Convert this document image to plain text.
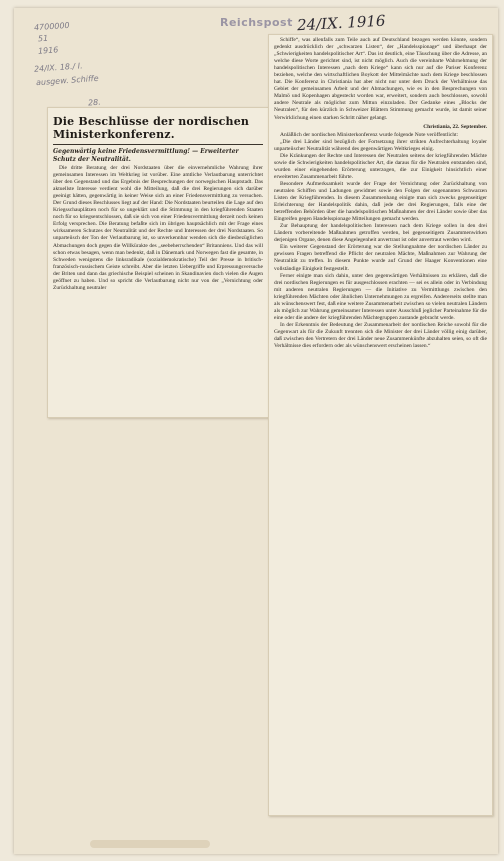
4700000
51
1916
24/IX. 18./ I.
ausgew. Schiffe
28.
Reichspost 24/IX. 1916
Die Beschlüsse der nordischen Ministerkonferenz.
Gegenwärtig keine Friedensvermittlung! — Erweiterter Schutz der Neutralität.

Die dritte Beratung der drei Nordstaaten über die einvernehmliche Wahrung ihrer gemeinsamen Interessen im Weltkrieg ist vorüber. Eine amtliche Verlautbarung unterrichtet über den Gegenstand und das Ergebnis der Besprechungen der norwegischen Hauptstadt. Das aktuellste Interesse verdient wohl die Mitteilung, daß die drei Regierungen sich darüber geeinigt hätten, gegenwärtig in keiner Weise sich an einer Friedensvermittlung zu versuchen. Der Grund dieses Beschlusses liegt auf der Hand: Die Nordstaaten beurteilen die Lage auf den Kriegsschauplätzen noch für so ungeklärt und die Stimmung in den kriegführenden Staaten noch für so kriegsentschlossen, daß sie sich von einer Friedensvermittlung derzeit noch keinen Erfolg versprechen. Die Beratung befaßte sich im übrigen hauptsächlich mit der Frage eines wirksameren Schutzes der Neutralität und der Rechte und Interessen der drei Nordstaaten. So unparteiisch der Ton der Verlautbarung ist, so unverkennbar wenden sich die diesbezüglichen Abmachungen doch gegen die Willkürakte des „seebeherrschenden“ Britanniens. Und das will schon etwas besagen, wenn man bedenkt, daß in Dänemark und Norwegen fast die gesamte, in Schweden wenigstens die linksradikale (sozialdemokratische) Teil der Presse in britisch-französisch-russischem Geiste schreibt. Aber die letzten Uebergriffe und Erpressungsversuche der Briten und dann das griechische Beispiel scheinen in Skandinavien doch vielen die Augen geöffnet zu haben. Und so spricht die Verlautbarung nicht nur von der „Vernichtung oder Zurückhaltung neutraler

Schiffe“, was allenfalls zum Teile auch auf Deutschland bezogen werden könnte, sondern gedenkt ausdrücklich der „schwarzen Listen“, der „Handelsspionage“ und überhaupt der „Schwierigkeiten handelspolitischer Art“. Das ist deutlich, eine Täuschung über die Adresse, an welche diese Worte gerichtet sind, ist nicht möglich. Auch die vereinbarte Wahrnehmung der handelspolitischen Interessen „nach dem Kriege“ kann sich nur auf die Pariser Konferenz beziehen, welche den wirtschaftlichen Boykott der Mittelmächte nach dem Kriege beschlossen hat. Die Konferenz in Christiania hat aber nicht nur unter dem Druck der Verhältnisse das Gebiet der gemeinsamen Arbeit und der Abmachungen, wie es in den Besprechungen von Malmö und Kopenhagen abgesteckt worden war, erweitert, sondern auch beschlossen, sowohl andere Neutrale als möglichst zum Mittun einzuladen. Der Gedanke eines „Blocks der Neutralen“, für den kürzlich in Schweizer Blättern Stimmung gemacht wurde, ist damit seiner Verwirklichung einen starken Schritt näher gelangt.

Christiania, 22. September.

Anläßlich der nordischen Ministerkonferenz wurde folgende Note veröffentlicht:

„Die drei Länder sind bezüglich der Fortsetzung ihrer strikten Aufrechterhaltung loyaler unparteiischer Neutralität während des gegenwärtigen Weltkrieges einig.

Die Kränkungen der Rechte und Interessen der Neutralen seitens der kriegführenden Mächte sowie die Schwierigkeiten handelspolitischer Art, die daraus für die Neutralen entstanden sind, wurden einer eingehenden Erörterung unterzogen, die zur Einigkeit hinsichtlich einer erweiterten Zusammenarbeit führte.

Besondere Aufmerksamkeit wurde der Frage der Vernichtung oder Zurückhaltung von neutralen Schiffen und Ladungen gewidmet sowie den Folgen der sogenannten Schwarzen Listen der Kriegführenden. In diesem Zusammenhang einigte man sich zwecks gegenseitiger Erleichterung der Handelspolitik dahin, daß jede der drei Regierungen, falls eine der betreffenden Behörden über die handelspolitischen Maßnahmen der drei Länder sowie über das Eingreifen gegen Handelsspionage Mitteilungen gemacht werden.

Zur Behauptung der handelspolitischen Interessen nach dem Kriege sollen in den drei Ländern vorbereitende Maßnahmen getroffen werden, bei gegenseitigem Zusammenwirken derjenigen Organe, denen diese Angelegenheit anvertraut ist oder anvertraut werden wird.

Ein weiterer Gegenstand der Erörterung war die Stellungnahme der nordischen Länder zu gewissen Fragen betreffend die Pflicht der neutralen Mächte, Maßnahmen zur Wahrung der Neutralität zu treffen. In diesem Punkte wurde auf Grund der Haager Konventionen eine vollständige Einigkeit festgestellt.

Ferner einigte man sich dahin, unter den gegenwärtigen Verhältnissen zu erklären, daß die drei nordischen Regierungen es für ausgeschlossen erachten — sei es allein oder in Verbindung mit anderen neutralen Regierungen — die Initiative zu Vermittlungs zwischen den kriegführenden Mächten oder ähnlichen Unternehmungen zu ergreifen. Andererseits stellte man als wünschenswert fest, daß eine weitere Zusammenarbeit zwischen so vielen neutralen Ländern als möglich zur Wahrung gemeinsamer Interessen unter Ausschluß jeglicher Parteinahme für die eine oder die andere der kriegführenden Mächtegruppen zustande gebracht werde.

In der Erkenntnis der Bedeutung der Zusammenarbeit der nordischen Reiche sowohl für die Gegenwart als für die Zukunft trennten sich die Minister der drei Länder völlig einig darüber, daß zwischen den Vertretern der drei Länder neue Zusammenkünfte abzuhalten seien, so oft die Verhältnisse dies erfordern oder als wünschenswert erscheinen lassen.“
